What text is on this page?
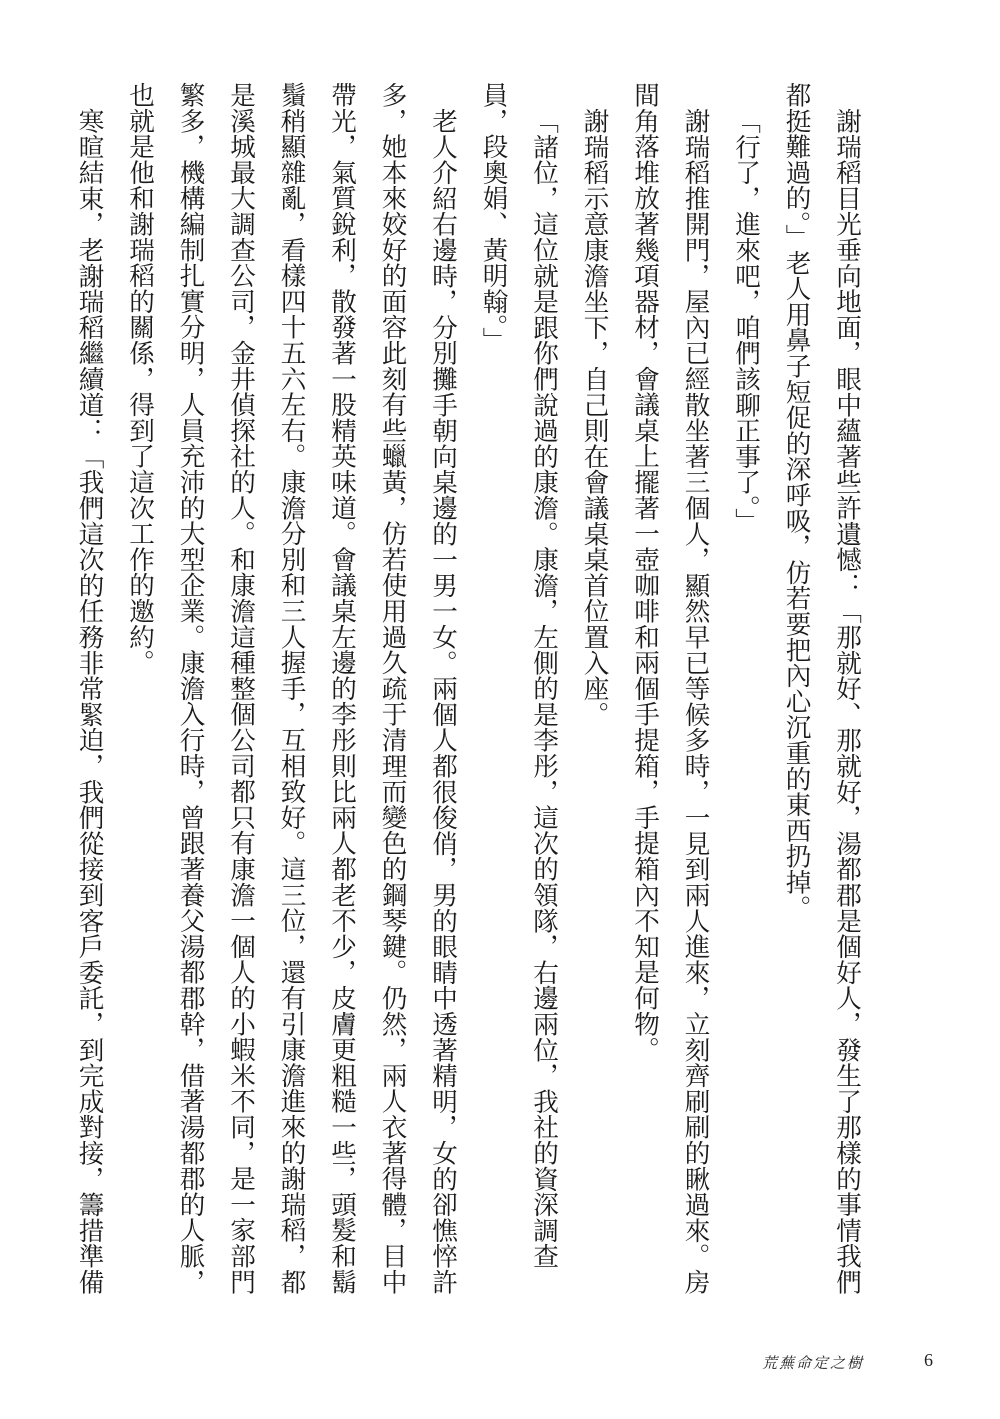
謝瑞稻目光垂向地面，眼中蘊著些許遺憾：「那就好、那就好，湯都郡是個好人，發生了那樣的事情我們都挺難過的。」老人用鼻子短促的深呼吸，仿若要把內心沉重的東西扔掉。

「行了，進來吧，咱們該聊正事了。」

謝瑞稻推開門，屋內已經散坐著三個人，顯然早已等候多時，一見到兩人進來，立刻齊刷刷的瞅過來。房間角落堆放著幾項器材，會議桌上擺著一壺咖啡和兩個手提箱，手提箱內不知是何物。

謝瑞稻示意康澹坐下，自己則在會議桌桌首位置入座。

「諸位，這位就是跟你們說過的康澹。康澹，左側的是李彤，這次的領隊，右邊兩位，我社的資深調查員，段奧娟、黃明翰。」

老人介紹右邊時，分別攤手朝向桌邊的一男一女。兩個人都很俊俏，男的眼睛中透著精明，女的卻憔悴許多，她本來姣好的面容此刻有些蠟黃，仿若使用過久疏于清理而變色的鋼琴鍵。仍然，兩人衣著得體，目中帶光，氣質銳利，散發著一股精英味道。會議桌左邊的李彤則比兩人都老不少，皮膚更粗糙一些，頭髮和鬍鬚稍顯雜亂，看樣四十五六左右。康澹分別和三人握手，互相致好。這三位，還有引康澹進來的謝瑞稻，都是溪城最大調查公司，金井偵探社的人。和康澹這種整個公司都只有康澹一個人的小蝦米不同，是一家部門繁多，機構編制扎實分明，人員充沛的大型企業。康澹入行時，曾跟著養父湯都郡幹，借著湯都郡的人脈，也就是他和謝瑞稻的關係，得到了這次工作的邀約。

寒暄結束，老謝瑞稻繼續道：「我們這次的任務非常緊迫，我們從接到客戶委託，到完成對接，籌措準備

荒蕪命定之樹	6
